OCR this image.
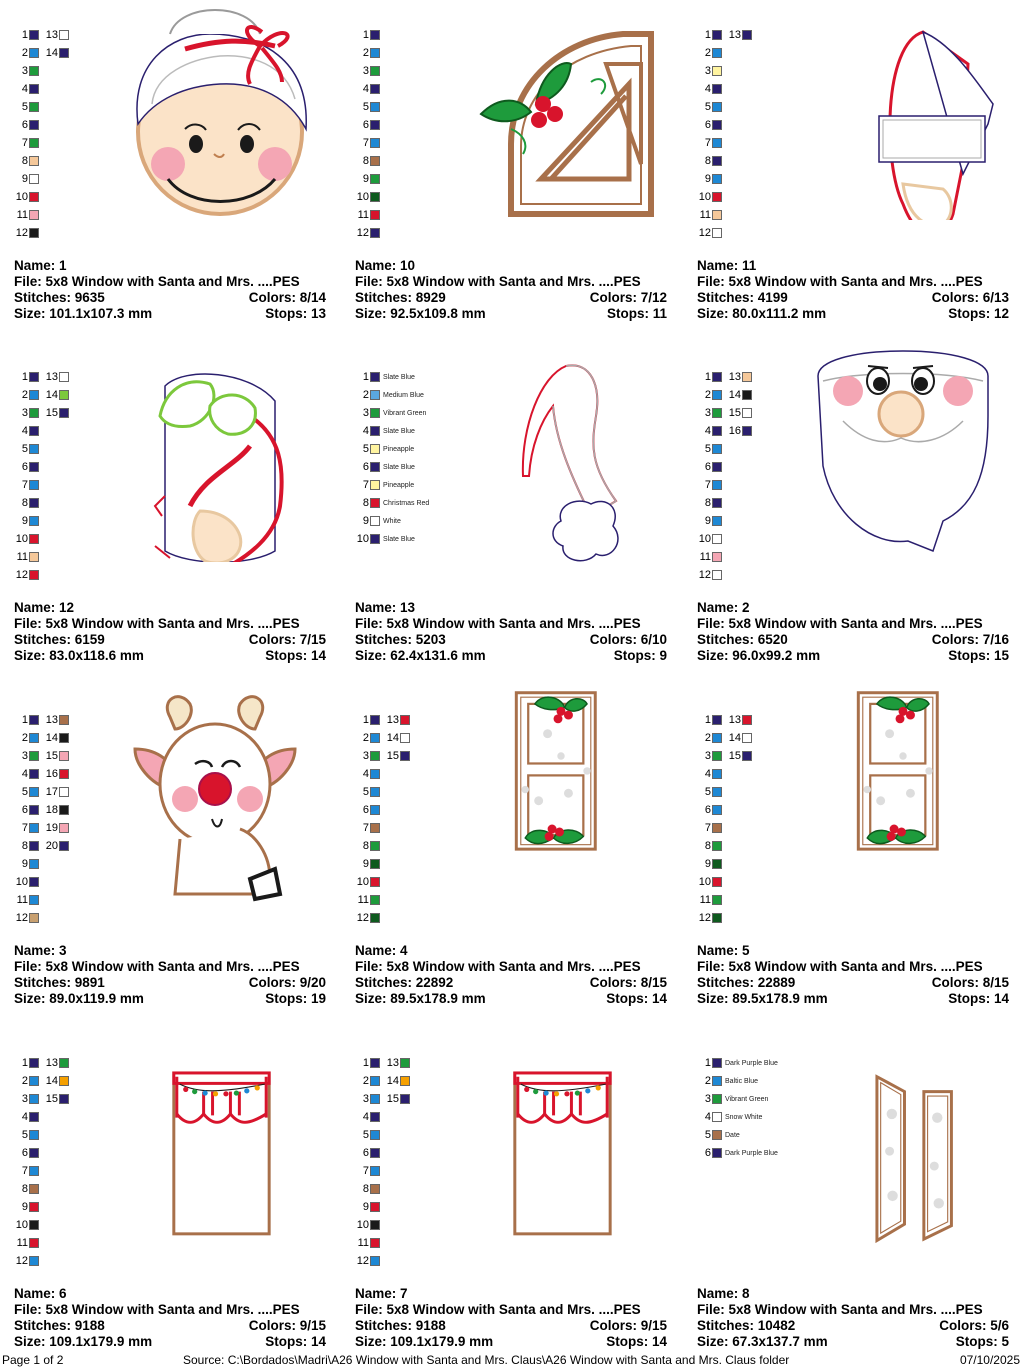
1
2
3
4
5
6
7
8
9
10
11
12
13
14
Name: 1
File: 5x8 Window with Santa and Mrs. ....PES
Stitches: 9635	Colors: 8/14
Size: 101.1x107.3 mm	Stops: 13
1
2
3
4
5
6
7
8
9
10
11
12
Name: 10
File: 5x8 Window with Santa and Mrs. ....PES
Stitches: 8929	Colors: 7/12
Size: 92.5x109.8 mm	Stops: 11
1
2
3
4
5
6
7
8
9
10
11
12
13
Name: 11
File: 5x8 Window with Santa and Mrs. ....PES
Stitches: 4199	Colors: 6/13
Size: 80.0x111.2 mm	Stops: 12
1
2
3
4
5
6
7
8
9
10
11
12
13
14
15
Name: 12
File: 5x8 Window with Santa and Mrs. ....PES
Stitches: 6159	Colors: 7/15
Size: 83.0x118.6 mm	Stops: 14
1 Slate Blue
2 Medium Blue
3 Vibrant Green
4 Slate Blue
5 Pineapple
6 Slate Blue
7 Pineapple
8 Christmas Red
9 White
10 Slate Blue
Name: 13
File: 5x8 Window with Santa and Mrs. ....PES
Stitches: 5203	Colors: 6/10
Size: 62.4x131.6 mm	Stops: 9
1
2
3
4
5
6
7
8
9
10
11
12
13
14
15
16
Name: 2
File: 5x8 Window with Santa and Mrs. ....PES
Stitches: 6520	Colors: 7/16
Size: 96.0x99.2 mm	Stops: 15
1
2
3
4
5
6
7
8
9
10
11
12
13
14
15
16
17
18
19
20
Name: 3
File: 5x8 Window with Santa and Mrs. ....PES
Stitches: 9891	Colors: 9/20
Size: 89.0x119.9 mm	Stops: 19
1
2
3
4
5
6
7
8
9
10
11
12
13
14
15
Name: 4
File: 5x8 Window with Santa and Mrs. ....PES
Stitches: 22892	Colors: 8/15
Size: 89.5x178.9 mm	Stops: 14
1
2
3
4
5
6
7
8
9
10
11
12
13
14
15
Name: 5
File: 5x8 Window with Santa and Mrs. ....PES
Stitches: 22889	Colors: 8/15
Size: 89.5x178.9 mm	Stops: 14
1
2
3
4
5
6
7
8
9
10
11
12
13
14
15
Name: 6
File: 5x8 Window with Santa and Mrs. ....PES
Stitches: 9188	Colors: 9/15
Size: 109.1x179.9 mm	Stops: 14
1
2
3
4
5
6
7
8
9
10
11
12
13
14
15
Name: 7
File: 5x8 Window with Santa and Mrs. ....PES
Stitches: 9188	Colors: 9/15
Size: 109.1x179.9 mm	Stops: 14
1 Dark Purple Blue
2 Baltic Blue
3 Vibrant Green
4 Snow White
5 Date
6 Dark Purple Blue
Name: 8
File: 5x8 Window with Santa and Mrs. ....PES
Stitches: 10482	Colors: 5/6
Size: 67.3x137.7 mm	Stops: 5
Page 1 of 2	Source: C:\Bordados\Madri\A26 Window with Santa and Mrs. Claus\A26 Window with Santa and Mrs. Claus folder	07/10/2025
